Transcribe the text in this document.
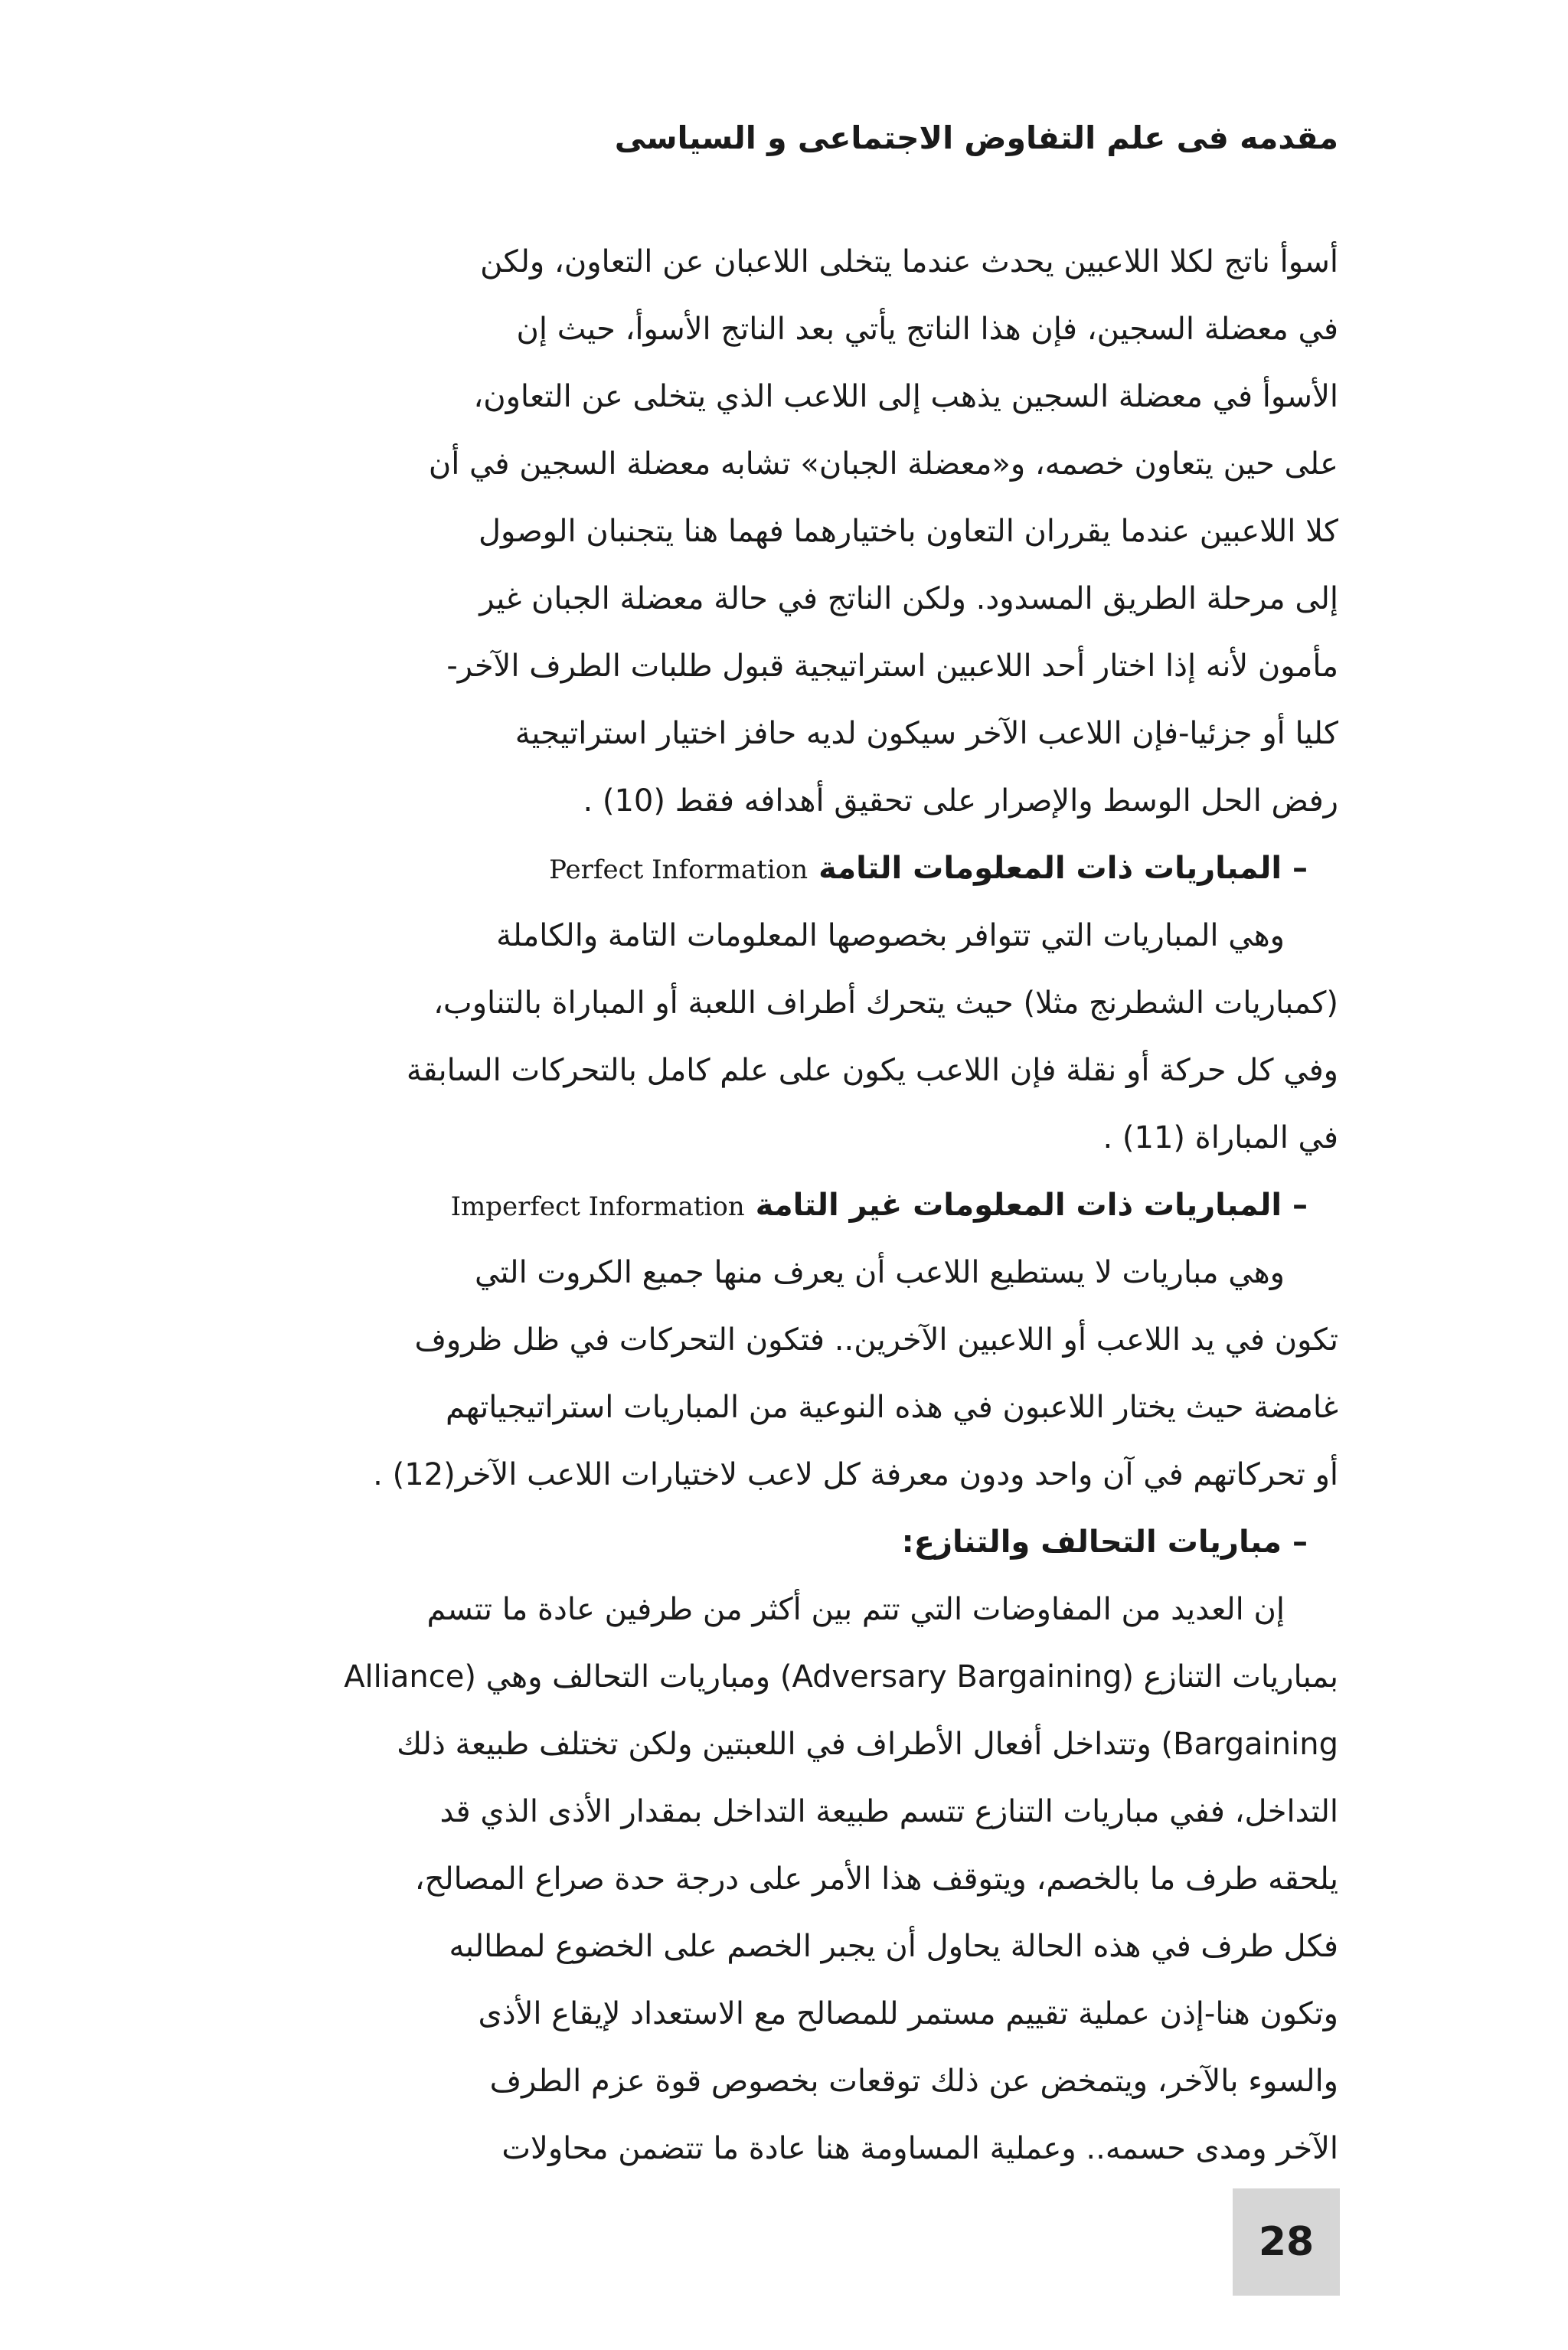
مقدمه فى علم التفاوض الاجتماعى و السياسى
أسوأ ناتج لكلا اللاعبين يحدث عندما يتخلى اللاعبان عن التعاون، ولكن
في معضلة السجين، فإن هذا الناتج يأتي بعد الناتج الأسوأ، حيث إن
الأسوأ في معضلة السجين يذهب إلى اللاعب الذي يتخلى عن التعاون،
على حين يتعاون خصمه، و«معضلة الجبان» تشابه معضلة السجين في أن
كلا اللاعبين عندما يقرران التعاون باختيارهما فهما هنا يتجنبان الوصول
إلى مرحلة الطريق المسدود. ولكن الناتج في حالة معضلة الجبان غير
مأمون لأنه إذا اختار أحد اللاعبين استراتيجية قبول طلبات الطرف الآخر-
كليا أو جزئيا-فإن اللاعب الآخر سيكون لديه حافز اختيار استراتيجية
رفض الحل الوسط والإصرار على تحقيق أهدافه فقط (10) .
– المباريات ذات المعلومات التامة Perfect Information
وهي المباريات التي تتوافر بخصوصها المعلومات التامة والكاملة
(كمباريات الشطرنج مثلا) حيث يتحرك أطراف اللعبة أو المباراة بالتناوب،
وفي كل حركة أو نقلة فإن اللاعب يكون على علم كامل بالتحركات السابقة
في المباراة (11) .
– المباريات ذات المعلومات غير التامة Imperfect Information
وهي مباريات لا يستطيع اللاعب أن يعرف منها جميع الكروت التي
تكون في يد اللاعب أو اللاعبين الآخرين.. فتكون التحركات في ظل ظروف
غامضة حيث يختار اللاعبون في هذه النوعية من المباريات استراتيجياتهم
أو تحركاتهم في آن واحد ودون معرفة كل لاعب لاختيارات اللاعب الآخر(12) .
– مباريات التحالف والتنازع:
إن العديد من المفاوضات التي تتم بين أكثر من طرفين عادة ما تتسم
بمباريات التنازع (Adversary Bargaining) ومباريات التحالف وهي (Alliance
Bargaining) وتتداخل أفعال الأطراف في اللعبتين ولكن تختلف طبيعة ذلك
التداخل، ففي مباريات التنازع تتسم طبيعة التداخل بمقدار الأذى الذي قد
يلحقه طرف ما بالخصم، ويتوقف هذا الأمر على درجة حدة صراع المصالح،
فكل طرف في هذه الحالة يحاول أن يجبر الخصم على الخضوع لمطالبه
وتكون هنا-إذن عملية تقييم مستمر للمصالح مع الاستعداد لإيقاع الأذى
والسوء بالآخر، ويتمخض عن ذلك توقعات بخصوص قوة عزم الطرف
الآخر ومدى حسمه.. وعملية المساومة هنا عادة ما تتضمن محاولات
28
